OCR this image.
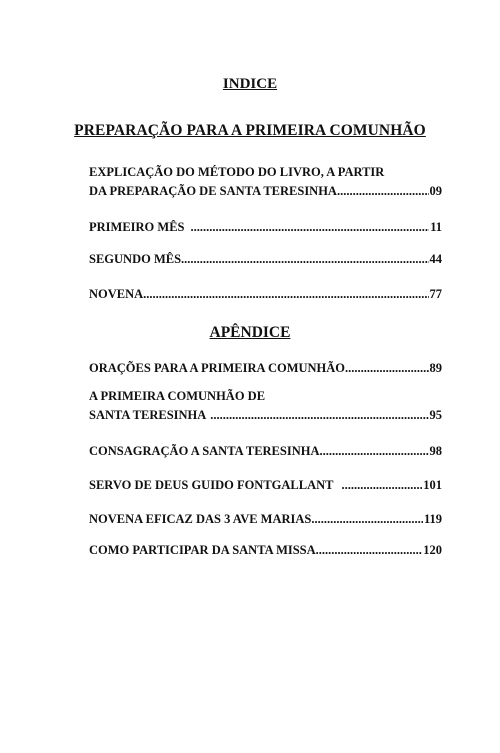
INDICE
PREPARAÇÃO PARA A PRIMEIRA COMUNHÃO
EXPLICAÇÃO DO MÉTODO DO LIVRO, A PARTIR
DA PREPARAÇÃO DE SANTA TERESINHA .....	09
PRIMEIRO MÊS .....	11
SEGUNDO MÊS .....	44
NOVENA .....	77
APÊNDICE
ORAÇÕES PARA A PRIMEIRA COMUNHÃO .....	89
A PRIMEIRA COMUNHÃO DE
SANTA TERESINHA .....	95
CONSAGRAÇÃO A SANTA TERESINHA .....	98
SERVO DE DEUS GUIDO FONTGALLANT .....	101
NOVENA EFICAZ DAS 3 AVE MARIAS .....	119
COMO PARTICIPAR DA SANTA MISSA .....	120
